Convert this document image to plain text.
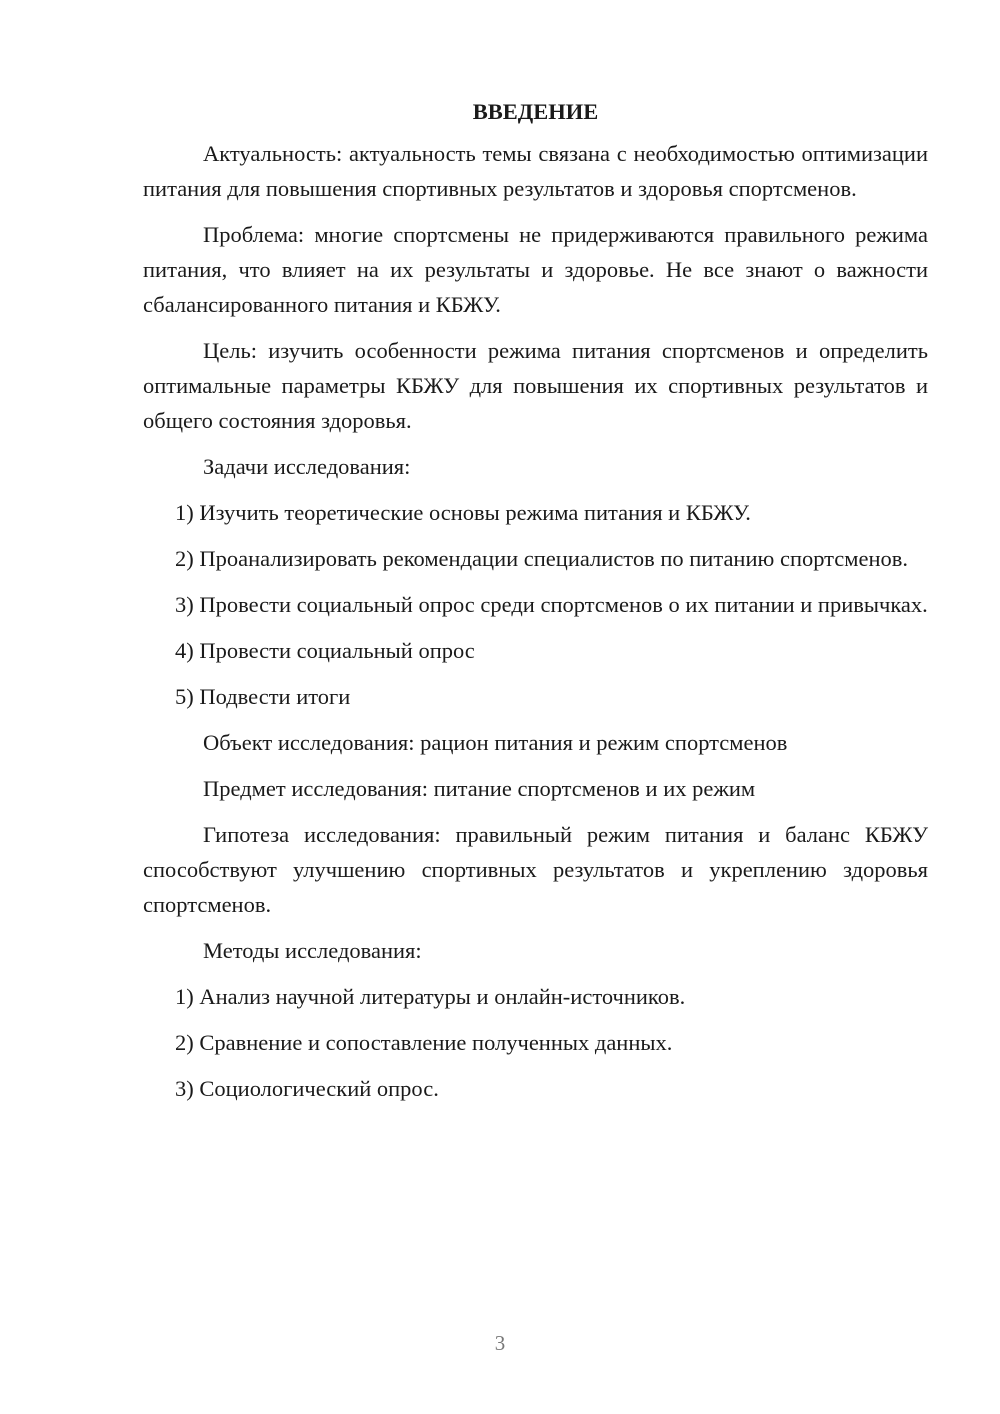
ВВЕДЕНИЕ

Актуальность: актуальность темы связана с необходимостью оптимизации питания для повышения спортивных результатов и здоровья спортсменов.

Проблема: многие спортсмены не придерживаются правильного режима питания, что влияет на их результаты и здоровье. Не все знают о важности сбалансированного питания и КБЖУ.

Цель: изучить особенности режима питания спортсменов и определить оптимальные параметры КБЖУ для повышения их спортивных результатов и общего состояния здоровья.

Задачи исследования:

1) Изучить теоретические основы режима питания и КБЖУ.

2) Проанализировать рекомендации специалистов по питанию спортсменов.

3) Провести социальный опрос среди спортсменов о их питании и привычках.

4) Провести социальный опрос

5) Подвести итоги

Объект исследования: рацион питания и режим спортсменов

Предмет исследования: питание спортсменов и их режим

Гипотеза исследования: правильный режим питания и баланс КБЖУ способствуют улучшению спортивных результатов и укреплению здоровья спортсменов.

Методы исследования:

1) Анализ научной литературы и онлайн-источников.

2) Сравнение и сопоставление полученных данных.

3) Социологический опрос.

3
